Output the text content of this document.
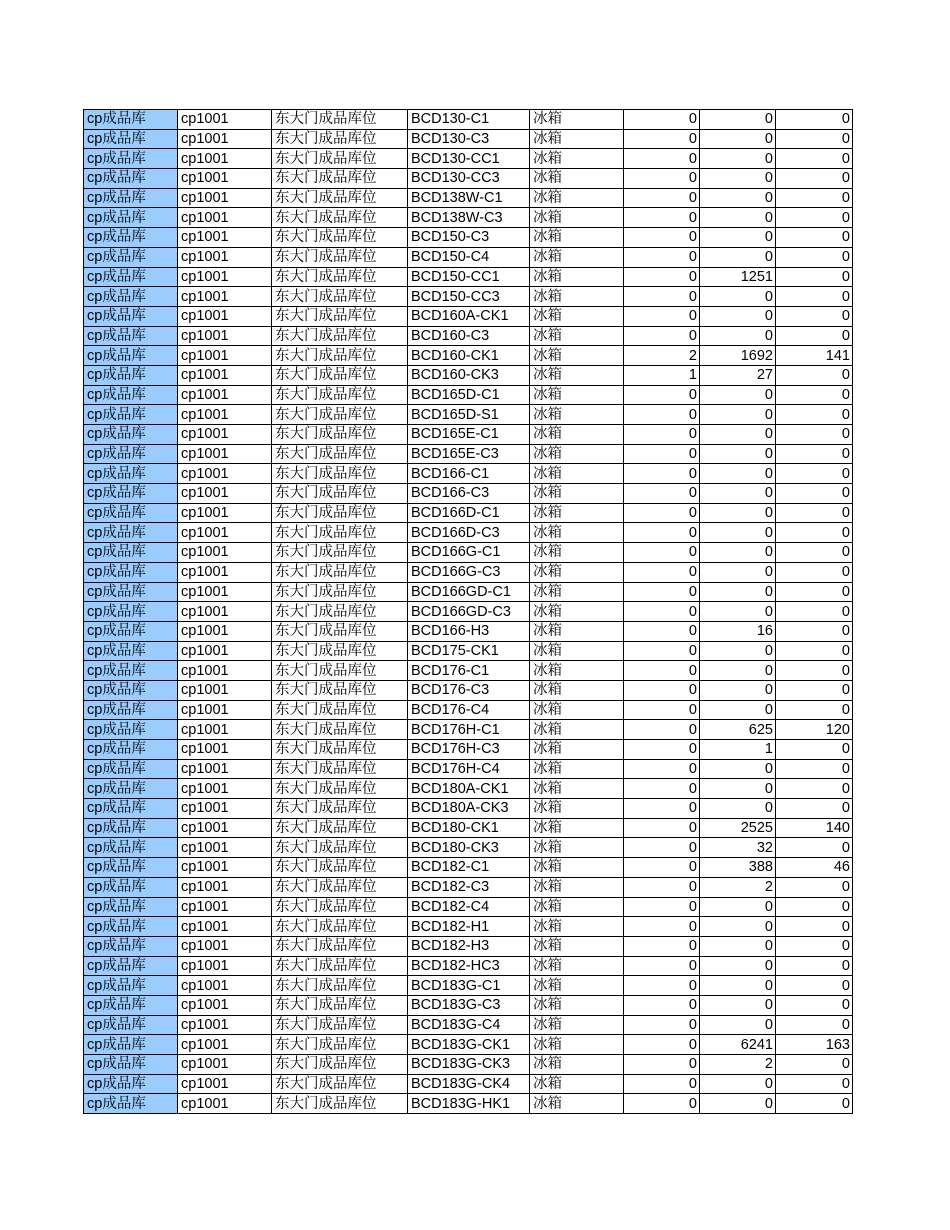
cp成品库	cp1001	东大门成品库位	BCD130-C1	冰箱	0	0	0
cp成品库	cp1001	东大门成品库位	BCD130-C3	冰箱	0	0	0
cp成品库	cp1001	东大门成品库位	BCD130-CC1	冰箱	0	0	0
cp成品库	cp1001	东大门成品库位	BCD130-CC3	冰箱	0	0	0
cp成品库	cp1001	东大门成品库位	BCD138W-C1	冰箱	0	0	0
cp成品库	cp1001	东大门成品库位	BCD138W-C3	冰箱	0	0	0
cp成品库	cp1001	东大门成品库位	BCD150-C3	冰箱	0	0	0
cp成品库	cp1001	东大门成品库位	BCD150-C4	冰箱	0	0	0
cp成品库	cp1001	东大门成品库位	BCD150-CC1	冰箱	0	1251	0
cp成品库	cp1001	东大门成品库位	BCD150-CC3	冰箱	0	0	0
cp成品库	cp1001	东大门成品库位	BCD160A-CK1	冰箱	0	0	0
cp成品库	cp1001	东大门成品库位	BCD160-C3	冰箱	0	0	0
cp成品库	cp1001	东大门成品库位	BCD160-CK1	冰箱	2	1692	141
cp成品库	cp1001	东大门成品库位	BCD160-CK3	冰箱	1	27	0
cp成品库	cp1001	东大门成品库位	BCD165D-C1	冰箱	0	0	0
cp成品库	cp1001	东大门成品库位	BCD165D-S1	冰箱	0	0	0
cp成品库	cp1001	东大门成品库位	BCD165E-C1	冰箱	0	0	0
cp成品库	cp1001	东大门成品库位	BCD165E-C3	冰箱	0	0	0
cp成品库	cp1001	东大门成品库位	BCD166-C1	冰箱	0	0	0
cp成品库	cp1001	东大门成品库位	BCD166-C3	冰箱	0	0	0
cp成品库	cp1001	东大门成品库位	BCD166D-C1	冰箱	0	0	0
cp成品库	cp1001	东大门成品库位	BCD166D-C3	冰箱	0	0	0
cp成品库	cp1001	东大门成品库位	BCD166G-C1	冰箱	0	0	0
cp成品库	cp1001	东大门成品库位	BCD166G-C3	冰箱	0	0	0
cp成品库	cp1001	东大门成品库位	BCD166GD-C1	冰箱	0	0	0
cp成品库	cp1001	东大门成品库位	BCD166GD-C3	冰箱	0	0	0
cp成品库	cp1001	东大门成品库位	BCD166-H3	冰箱	0	16	0
cp成品库	cp1001	东大门成品库位	BCD175-CK1	冰箱	0	0	0
cp成品库	cp1001	东大门成品库位	BCD176-C1	冰箱	0	0	0
cp成品库	cp1001	东大门成品库位	BCD176-C3	冰箱	0	0	0
cp成品库	cp1001	东大门成品库位	BCD176-C4	冰箱	0	0	0
cp成品库	cp1001	东大门成品库位	BCD176H-C1	冰箱	0	625	120
cp成品库	cp1001	东大门成品库位	BCD176H-C3	冰箱	0	1	0
cp成品库	cp1001	东大门成品库位	BCD176H-C4	冰箱	0	0	0
cp成品库	cp1001	东大门成品库位	BCD180A-CK1	冰箱	0	0	0
cp成品库	cp1001	东大门成品库位	BCD180A-CK3	冰箱	0	0	0
cp成品库	cp1001	东大门成品库位	BCD180-CK1	冰箱	0	2525	140
cp成品库	cp1001	东大门成品库位	BCD180-CK3	冰箱	0	32	0
cp成品库	cp1001	东大门成品库位	BCD182-C1	冰箱	0	388	46
cp成品库	cp1001	东大门成品库位	BCD182-C3	冰箱	0	2	0
cp成品库	cp1001	东大门成品库位	BCD182-C4	冰箱	0	0	0
cp成品库	cp1001	东大门成品库位	BCD182-H1	冰箱	0	0	0
cp成品库	cp1001	东大门成品库位	BCD182-H3	冰箱	0	0	0
cp成品库	cp1001	东大门成品库位	BCD182-HC3	冰箱	0	0	0
cp成品库	cp1001	东大门成品库位	BCD183G-C1	冰箱	0	0	0
cp成品库	cp1001	东大门成品库位	BCD183G-C3	冰箱	0	0	0
cp成品库	cp1001	东大门成品库位	BCD183G-C4	冰箱	0	0	0
cp成品库	cp1001	东大门成品库位	BCD183G-CK1	冰箱	0	6241	163
cp成品库	cp1001	东大门成品库位	BCD183G-CK3	冰箱	0	2	0
cp成品库	cp1001	东大门成品库位	BCD183G-CK4	冰箱	0	0	0
cp成品库	cp1001	东大门成品库位	BCD183G-HK1	冰箱	0	0	0
